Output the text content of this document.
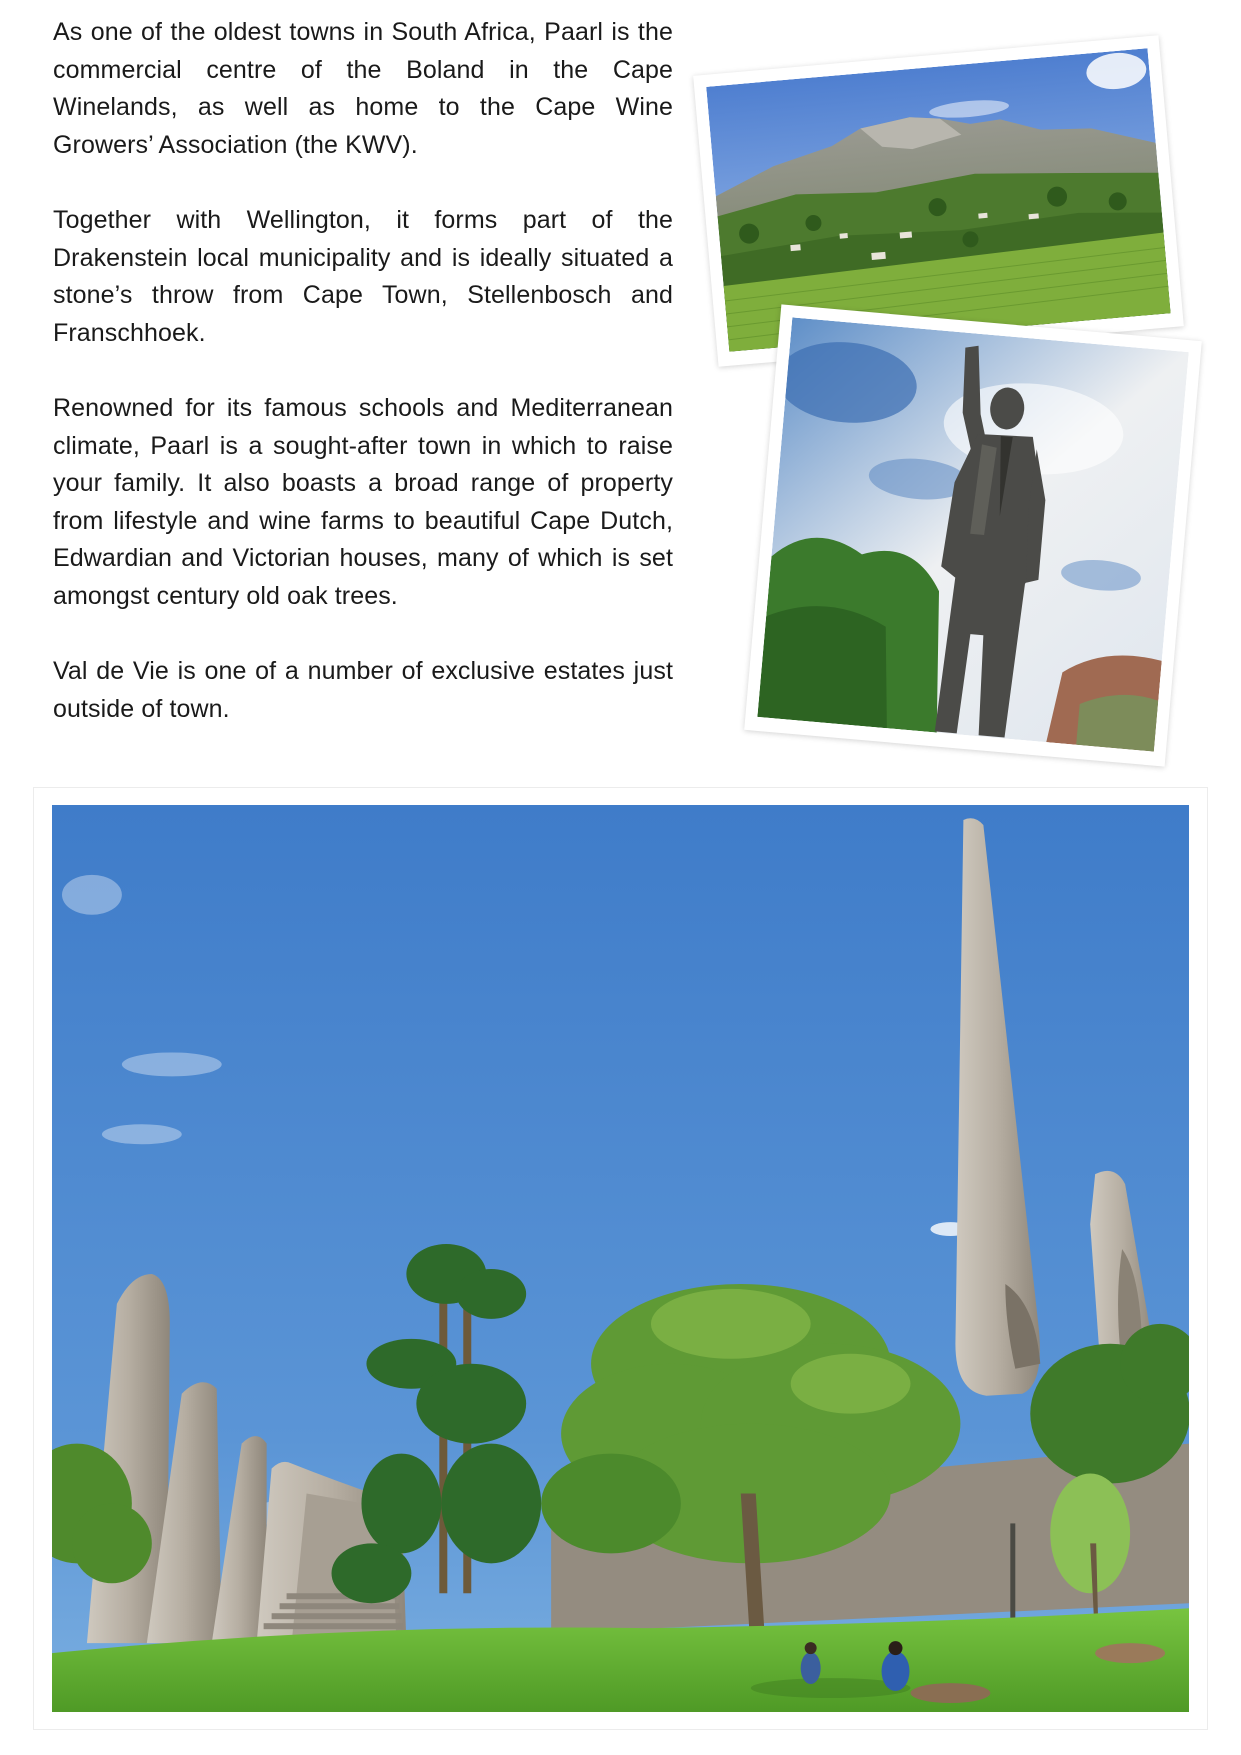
As one of the oldest towns in South Africa, Paarl is the commercial centre of the Boland in the Cape Winelands, as well as home to the Cape Wine Growers’ Association (the KWV).

Together with Wellington, it forms part of the Drakenstein local municipality and is ideally situated a stone’s throw from Cape Town, Stellenbosch and Franschhoek.

Renowned for its famous schools and Mediterranean climate, Paarl is a sought-after town in which to raise your family. It also boasts a broad range of property from lifestyle and wine farms to beautiful Cape Dutch, Edwardian and Victorian houses, many of which is set amongst century old oak trees.

Val de Vie is one of a number of exclusive estates just outside of town.
